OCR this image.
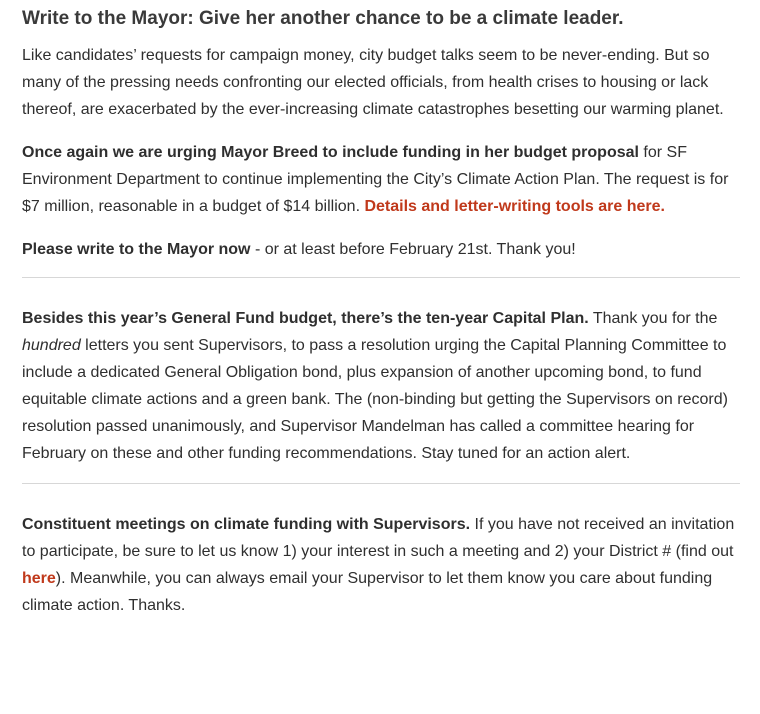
Write to the Mayor: Give her another chance to be a climate leader.

Like candidates’ requests for campaign money, city budget talks seem to be never-ending. But so many of the pressing needs confronting our elected officials, from health crises to housing or lack thereof, are exacerbated by the ever-increasing climate catastrophes besetting our warming planet.

Once again we are urging Mayor Breed to include funding in her budget proposal for SF Environment Department to continue implementing the City’s Climate Action Plan. The request is for $7 million, reasonable in a budget of $14 billion. Details and letter-writing tools are here.

Please write to the Mayor now - or at least before February 21st. Thank you!

Besides this year’s General Fund budget, there’s the ten-year Capital Plan. Thank you for the hundred letters you sent Supervisors, to pass a resolution urging the Capital Planning Committee to include a dedicated General Obligation bond, plus expansion of another upcoming bond, to fund equitable climate actions and a green bank. The (non-binding but getting the Supervisors on record) resolution passed unanimously, and Supervisor Mandelman has called a committee hearing for February on these and other funding recommendations. Stay tuned for an action alert.

Constituent meetings on climate funding with Supervisors. If you have not received an invitation to participate, be sure to let us know 1) your interest in such a meeting and 2) your District # (find out here). Meanwhile, you can always email your Supervisor to let them know you care about funding climate action. Thanks.
